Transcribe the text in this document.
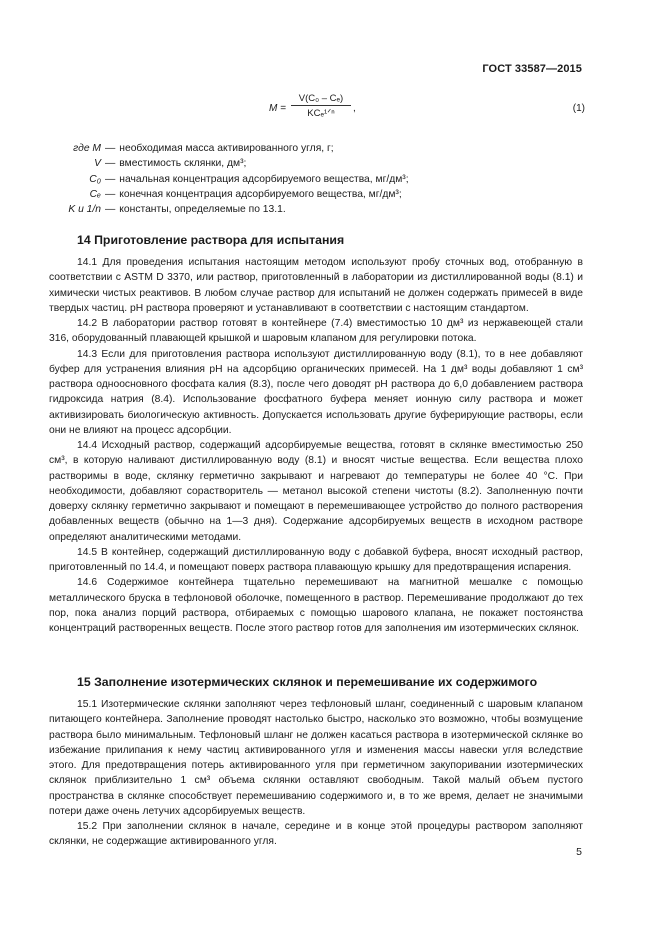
ГОСТ 33587—2015
M =
V(C₀ – Cₑ)
KCₑ¹ᐟⁿ	,	(1)
где M — необходимая масса активированного угля, г;
V — вместимость склянки, дм³;
C₀ — начальная концентрация адсорбируемого вещества, мг/дм³;
Cₑ — конечная концентрация адсорбируемого вещества, мг/дм³;
K и 1/n — константы, определяемые по 13.1.
14 Приготовление раствора для испытания

14.1 Для проведения испытания настоящим методом используют пробу сточных вод, отобранную в соответствии с ASTM D 3370, или раствор, приготовленный в лаборатории из дистиллированной воды (8.1) и химически чистых реактивов. В любом случае раствор для испытаний не должен содержать примесей в виде твердых частиц. pH раствора проверяют и устанавливают в соответствии с настоящим стандартом.

14.2 В лаборатории раствор готовят в контейнере (7.4) вместимостью 10 дм³ из нержавеющей стали 316, оборудованный плавающей крышкой и шаровым клапаном для регулировки потока.

14.3 Если для приготовления раствора используют дистиллированную воду (8.1), то в нее добавляют буфер для устранения влияния pH на адсорбцию органических примесей. На 1 дм³ воды добавляют 1 см³ раствора одноосновного фосфата калия (8.3), после чего доводят pH раствора до 6,0 добавлением раствора гидроксида натрия (8.4). Использование фосфатного буфера меняет ионную силу раствора и может активизировать биологическую активность. Допускается использовать другие буферирующие растворы, если они не влияют на процесс адсорбции.

14.4 Исходный раствор, содержащий адсорбируемые вещества, готовят в склянке вместимостью 250 см³, в которую наливают дистиллированную воду (8.1) и вносят чистые вещества. Если вещества плохо растворимы в воде, склянку герметично закрывают и нагревают до температуры не более 40 °C. При необходимости, добавляют сорастворитель — метанол высокой степени чистоты (8.2). Заполненную почти доверху склянку герметично закрывают и помещают в перемешивающее устройство до полного растворения добавленных веществ (обычно на 1—3 дня). Содержание адсорбируемых веществ в исходном растворе определяют аналитическими методами.

14.5 В контейнер, содержащий дистиллированную воду с добавкой буфера, вносят исходный раствор, приготовленный по 14.4, и помещают поверх раствора плавающую крышку для предотвращения испарения.

14.6 Содержимое контейнера тщательно перемешивают на магнитной мешалке с помощью металлического бруска в тефлоновой оболочке, помещенного в раствор. Перемешивание продолжают до тех пор, пока анализ порций раствора, отбираемых с помощью шарового клапана, не покажет постоянства концентраций растворенных веществ. После этого раствор готов для заполнения им изотермических склянок.

15 Заполнение изотермических склянок и перемешивание их содержимого

15.1 Изотермические склянки заполняют через тефлоновый шланг, соединенный с шаровым клапаном питающего контейнера. Заполнение проводят настолько быстро, насколько это возможно, чтобы возмущение раствора было минимальным. Тефлоновый шланг не должен касаться раствора в изотермической склянке во избежание прилипания к нему частиц активированного угля и изменения массы навески угля вследствие этого. Для предотвращения потерь активированного угля при герметичном закупоривании изотермических склянок приблизительно 1 см³ объема склянки оставляют свободным. Такой малый объем пустого пространства в склянке способствует перемешиванию содержимого и, в то же время, делает не значимыми потери даже очень летучих адсорбируемых веществ.

15.2 При заполнении склянок в начале, середине и в конце этой процедуры раствором заполняют склянки, не содержащие активированного угля.

5
